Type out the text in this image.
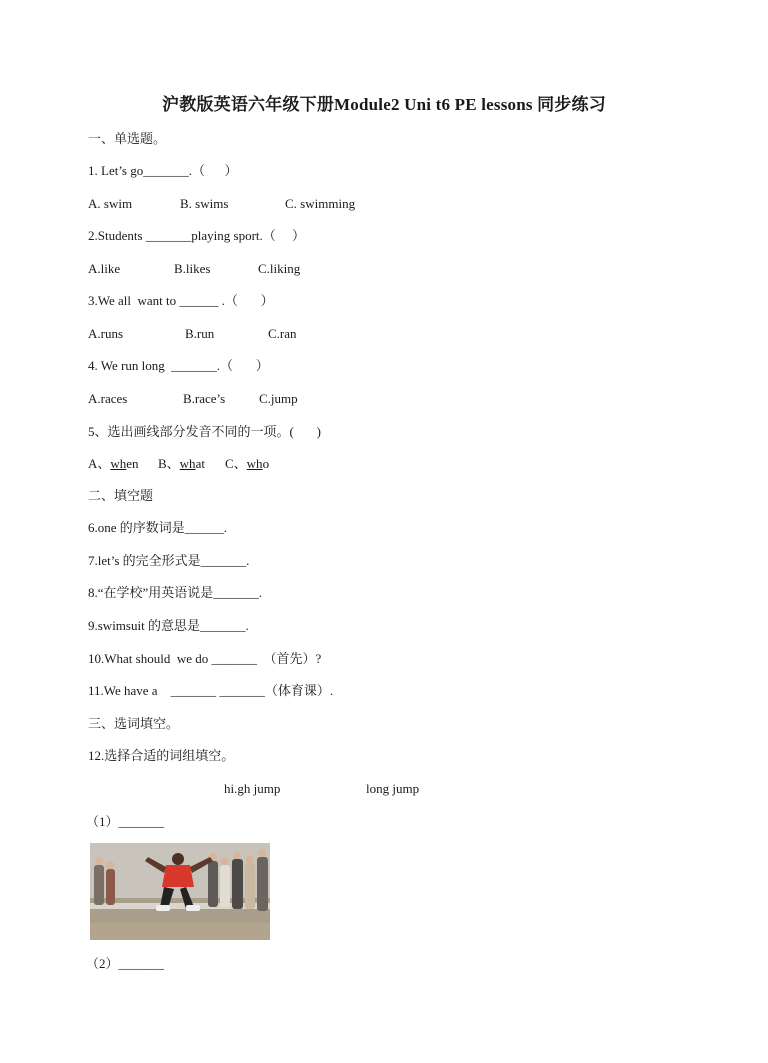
沪教版英语六年级下册Module2 Uni t6 PE lessons 同步练习
一、单选题。
1. Let’s go_______.（      ）
A. swim	B. swims	C. swimming
2.Students _______playing sport.（     ）
A.like	B.likes	C.liking
3.We all  want to ______ .（       ）
A.runs	B.run	C.ran
4. We run long  _______.（       ）
A.races	B.race’s	C.jump
5、选出画线部分发音不同的一项。(       )
A、when B、what C、who
二、填空题
6.one 的序数词是______.
7.let’s 的完全形式是_______.
8.“在学校”用英语说是_______.
9.swimsuit 的意思是_______.
10.What should  we do _______  （首先）?
11.We have a    _______ _______（体育课）.
三、选词填空。
12.选择合适的词组填空。
hi.gh jump	long jump
（1）_______
（2）_______
